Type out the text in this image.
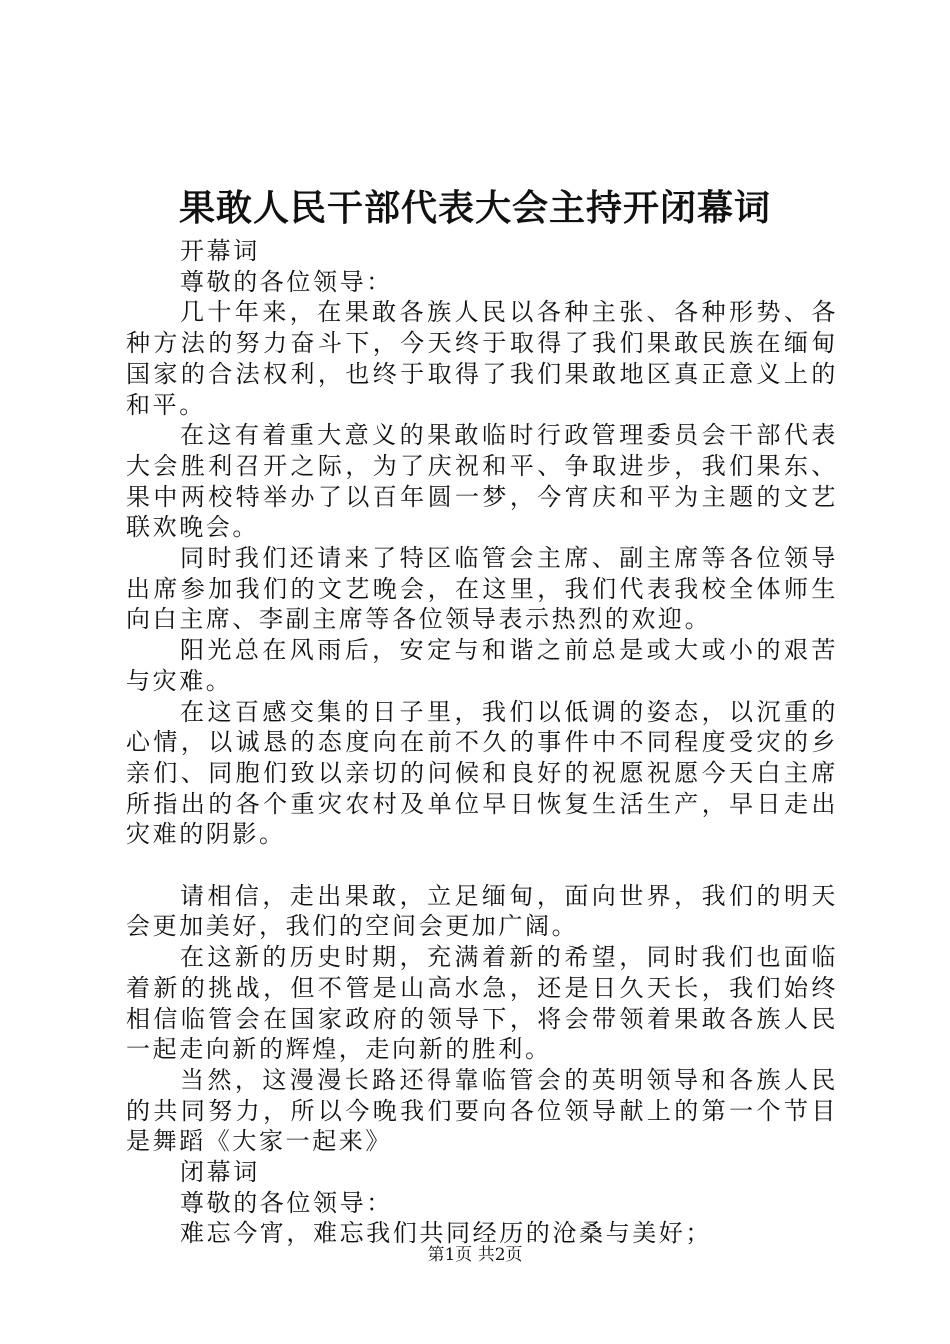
果敢人民干部代表大会主持开闭幕词

开幕词

尊敬的各位领导：

几十年来，在果敢各族人民以各种主张、各种形势、各种方法的努力奋斗下，今天终于取得了我们果敢民族在缅甸国家的合法权利，也终于取得了我们果敢地区真正意义上的和平。

在这有着重大意义的果敢临时行政管理委员会干部代表大会胜利召开之际，为了庆祝和平、争取进步，我们果东、果中两校特举办了以百年圆一梦，今宵庆和平为主题的文艺联欢晚会。

同时我们还请来了特区临管会主席、副主席等各位领导出席参加我们的文艺晚会，在这里，我们代表我校全体师生向白主席、李副主席等各位领导表示热烈的欢迎。

阳光总在风雨后，安定与和谐之前总是或大或小的艰苦与灾难。

在这百感交集的日子里，我们以低调的姿态，以沉重的心情，以诚恳的态度向在前不久的事件中不同程度受灾的乡亲们、同胞们致以亲切的问候和良好的祝愿祝愿今天白主席所指出的各个重灾农村及单位早日恢复生活生产，早日走出灾难的阴影。

请相信，走出果敢，立足缅甸，面向世界，我们的明天会更加美好，我们的空间会更加广阔。

在这新的历史时期，充满着新的希望，同时我们也面临着新的挑战，但不管是山高水急，还是日久天长，我们始终相信临管会在国家政府的领导下，将会带领着果敢各族人民一起走向新的辉煌，走向新的胜利。

当然，这漫漫长路还得靠临管会的英明领导和各族人民的共同努力，所以今晚我们要向各位领导献上的第一个节目是舞蹈《大家一起来》

闭幕词

尊敬的各位领导：

难忘今宵，难忘我们共同经历的沧桑与美好；

第1页 共2页
